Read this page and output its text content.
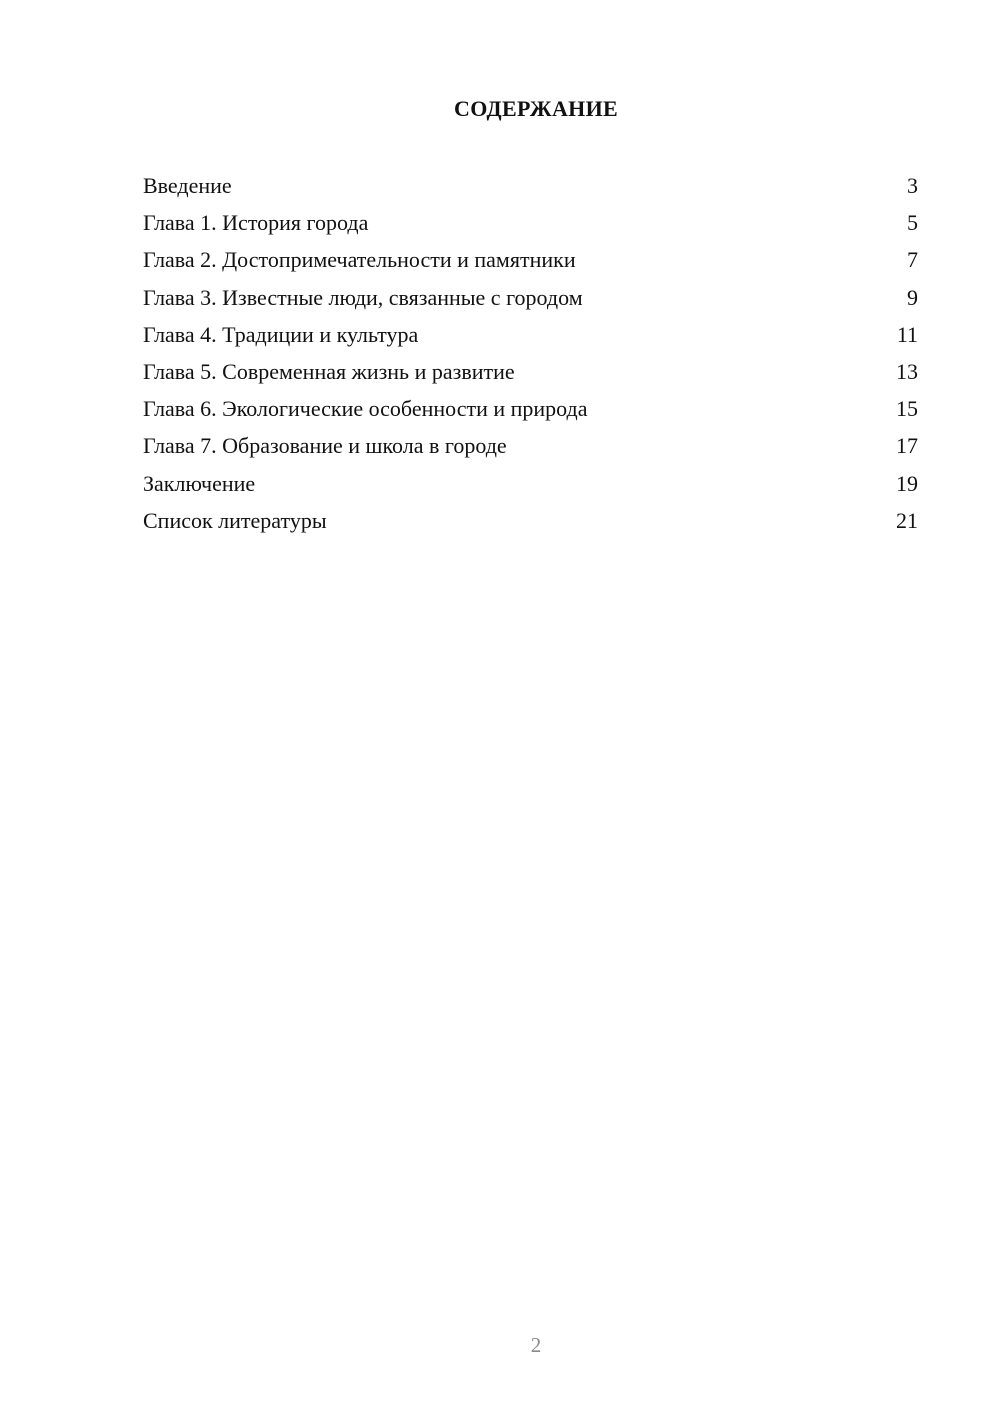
СОДЕРЖАНИЕ
Введение	3
Глава 1. История города	5
Глава 2. Достопримечательности и памятники	7
Глава 3. Известные люди, связанные с городом	9
Глава 4. Традиции и культура	11
Глава 5. Современная жизнь и развитие	13
Глава 6. Экологические особенности и природа	15
Глава 7. Образование и школа в городе	17
Заключение	19
Список литературы	21
2
